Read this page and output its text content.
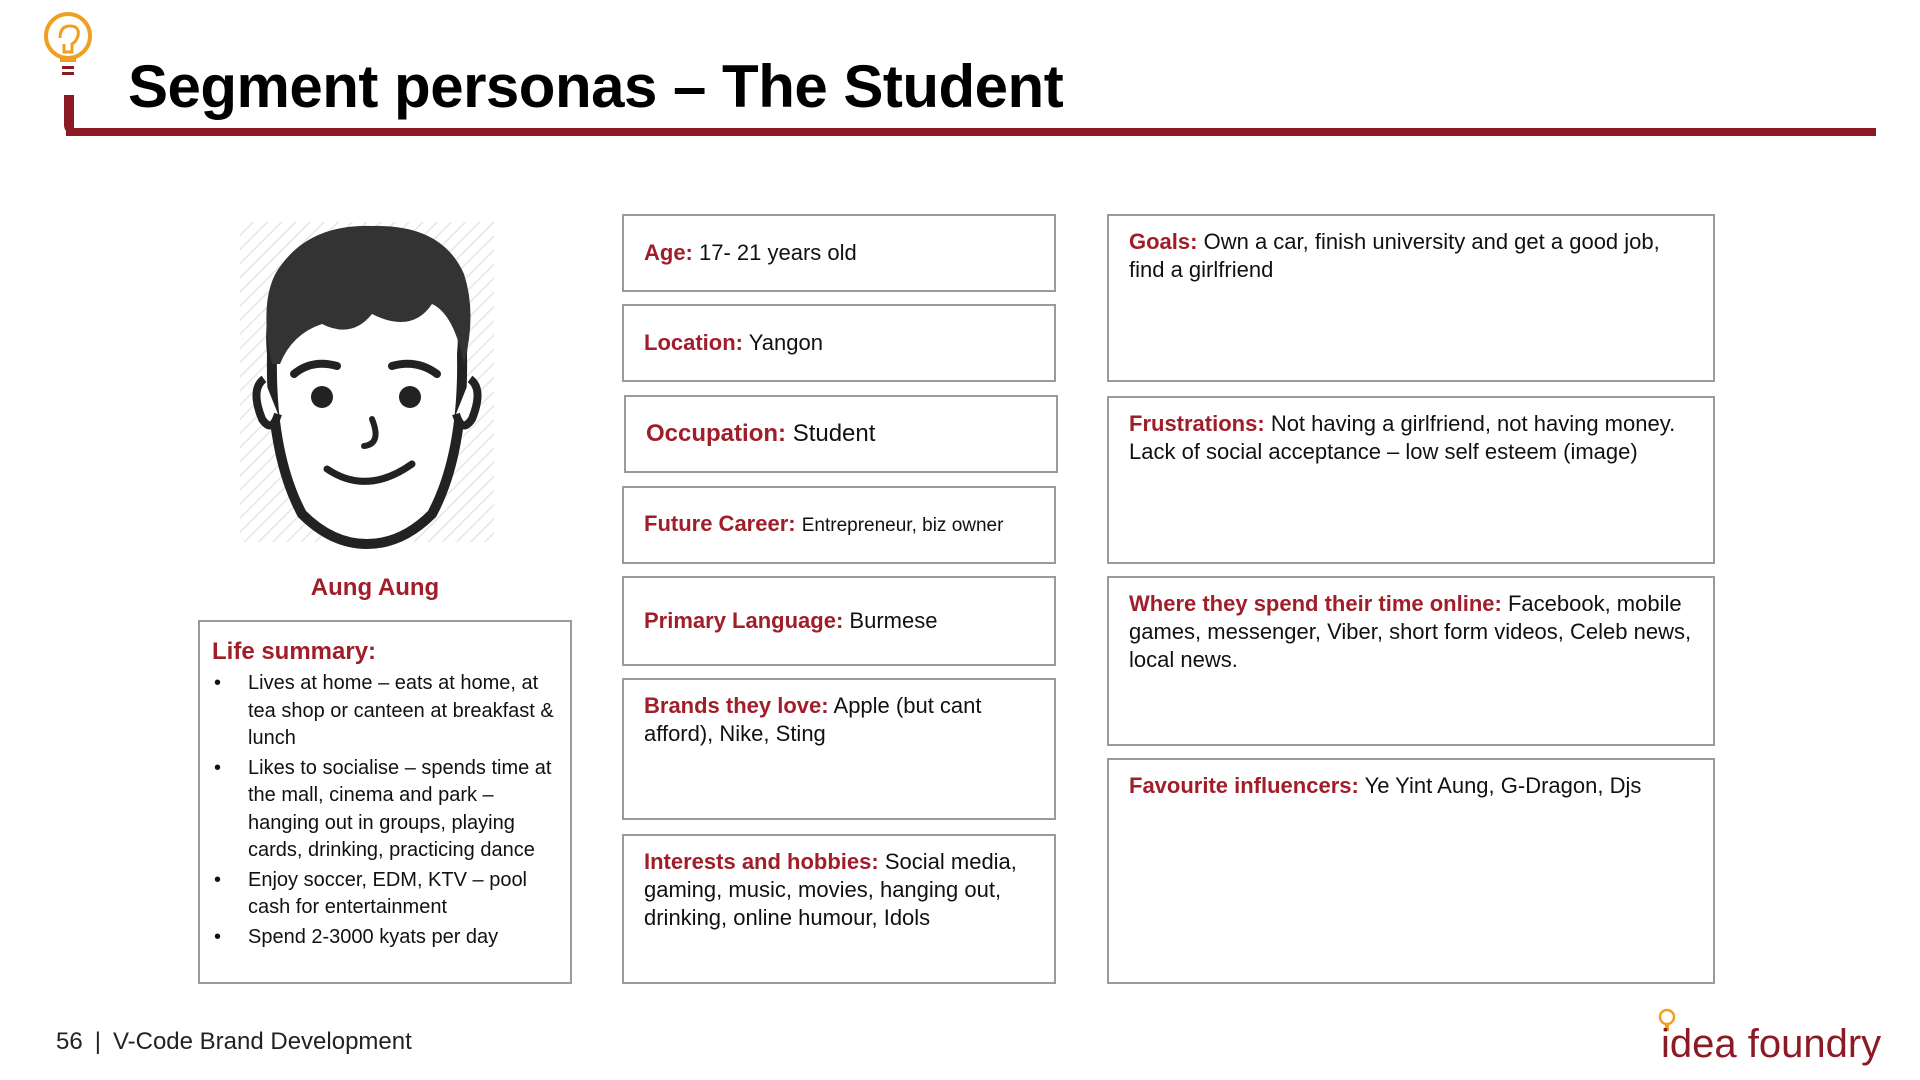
Segment personas – The Student
Aung Aung
Life summary:
• Lives at home – eats at home, at tea shop or canteen at breakfast & lunch
• Likes to socialise – spends time at the mall, cinema and park – hanging out in groups, playing cards, drinking, practicing dance
• Enjoy soccer, EDM, KTV – pool cash for entertainment
• Spend 2-3000 kyats per day
Age: 17- 21 years old
Location: Yangon
Occupation: Student
Future Career: Entrepreneur, biz owner
Primary Language: Burmese
Brands they love: Apple (but cant afford), Nike, Sting
Interests and hobbies: Social media, gaming, music, movies, hanging out, drinking, online humour, Idols
Goals: Own a car, finish university and get a good job, find a girlfriend
Frustrations: Not having a girlfriend, not having money. Lack of social acceptance – low self esteem (image)
Where they spend their time online: Facebook, mobile games, messenger, Viber, short form videos, Celeb news, local news.
Favourite influencers: Ye Yint Aung, G-Dragon, Djs
56 | V-Code Brand Development	idea foundry
